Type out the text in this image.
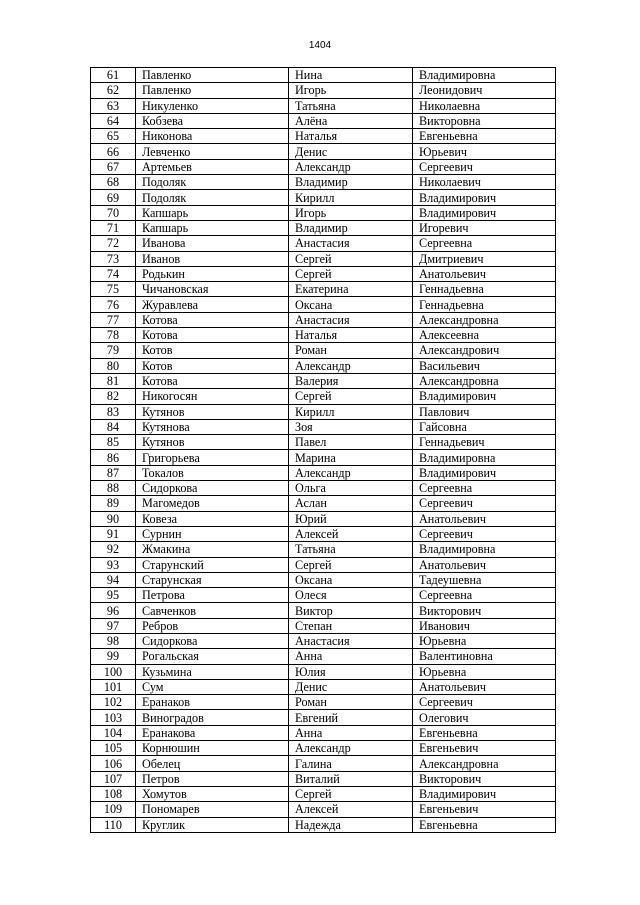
1404
61	Павленко	Нина	Владимировна
62	Павленко	Игорь	Леонидович
63	Никуленко	Татьяна	Николаевна
64	Кобзева	Алёна	Викторовна
65	Никонова	Наталья	Евгеньевна
66	Левченко	Денис	Юрьевич
67	Артемьев	Александр	Сергеевич
68	Подоляк	Владимир	Николаевич
69	Подоляк	Кирилл	Владимирович
70	Капшарь	Игорь	Владимирович
71	Капшарь	Владимир	Игоревич
72	Иванова	Анастасия	Сергеевна
73	Иванов	Сергей	Дмитриевич
74	Родькин	Сергей	Анатольевич
75	Чичановская	Екатерина	Геннадьевна
76	Журавлева	Оксана	Геннадьевна
77	Котова	Анастасия	Александровна
78	Котова	Наталья	Алексеевна
79	Котов	Роман	Александрович
80	Котов	Александр	Васильевич
81	Котова	Валерия	Александровна
82	Никогосян	Сергей	Владимирович
83	Кутянов	Кирилл	Павлович
84	Кутянова	Зоя	Гайсовна
85	Кутянов	Павел	Геннадьевич
86	Григорьева	Марина	Владимировна
87	Токалов	Александр	Владимирович
88	Сидоркова	Ольга	Сергеевна
89	Магомедов	Аслан	Сергеевич
90	Ковеза	Юрий	Анатольевич
91	Сурнин	Алексей	Сергеевич
92	Жмакина	Татьяна	Владимировна
93	Старунский	Сергей	Анатольевич
94	Старунская	Оксана	Тадеушевна
95	Петрова	Олеся	Сергеевна
96	Савченков	Виктор	Викторович
97	Ребров	Степан	Иванович
98	Сидоркова	Анастасия	Юрьевна
99	Рогальская	Анна	Валентиновна
100	Кузьмина	Юлия	Юрьевна
101	Сум	Денис	Анатольевич
102	Еранаков	Роман	Сергеевич
103	Виноградов	Евгений	Олегович
104	Еранакова	Анна	Евгеньевна
105	Корнюшин	Александр	Евгеньевич
106	Обелец	Галина	Александровна
107	Петров	Виталий	Викторович
108	Хомутов	Сергей	Владимирович
109	Пономарев	Алексей	Евгеньевич
110	Круглик	Надежда	Евгеньевна
